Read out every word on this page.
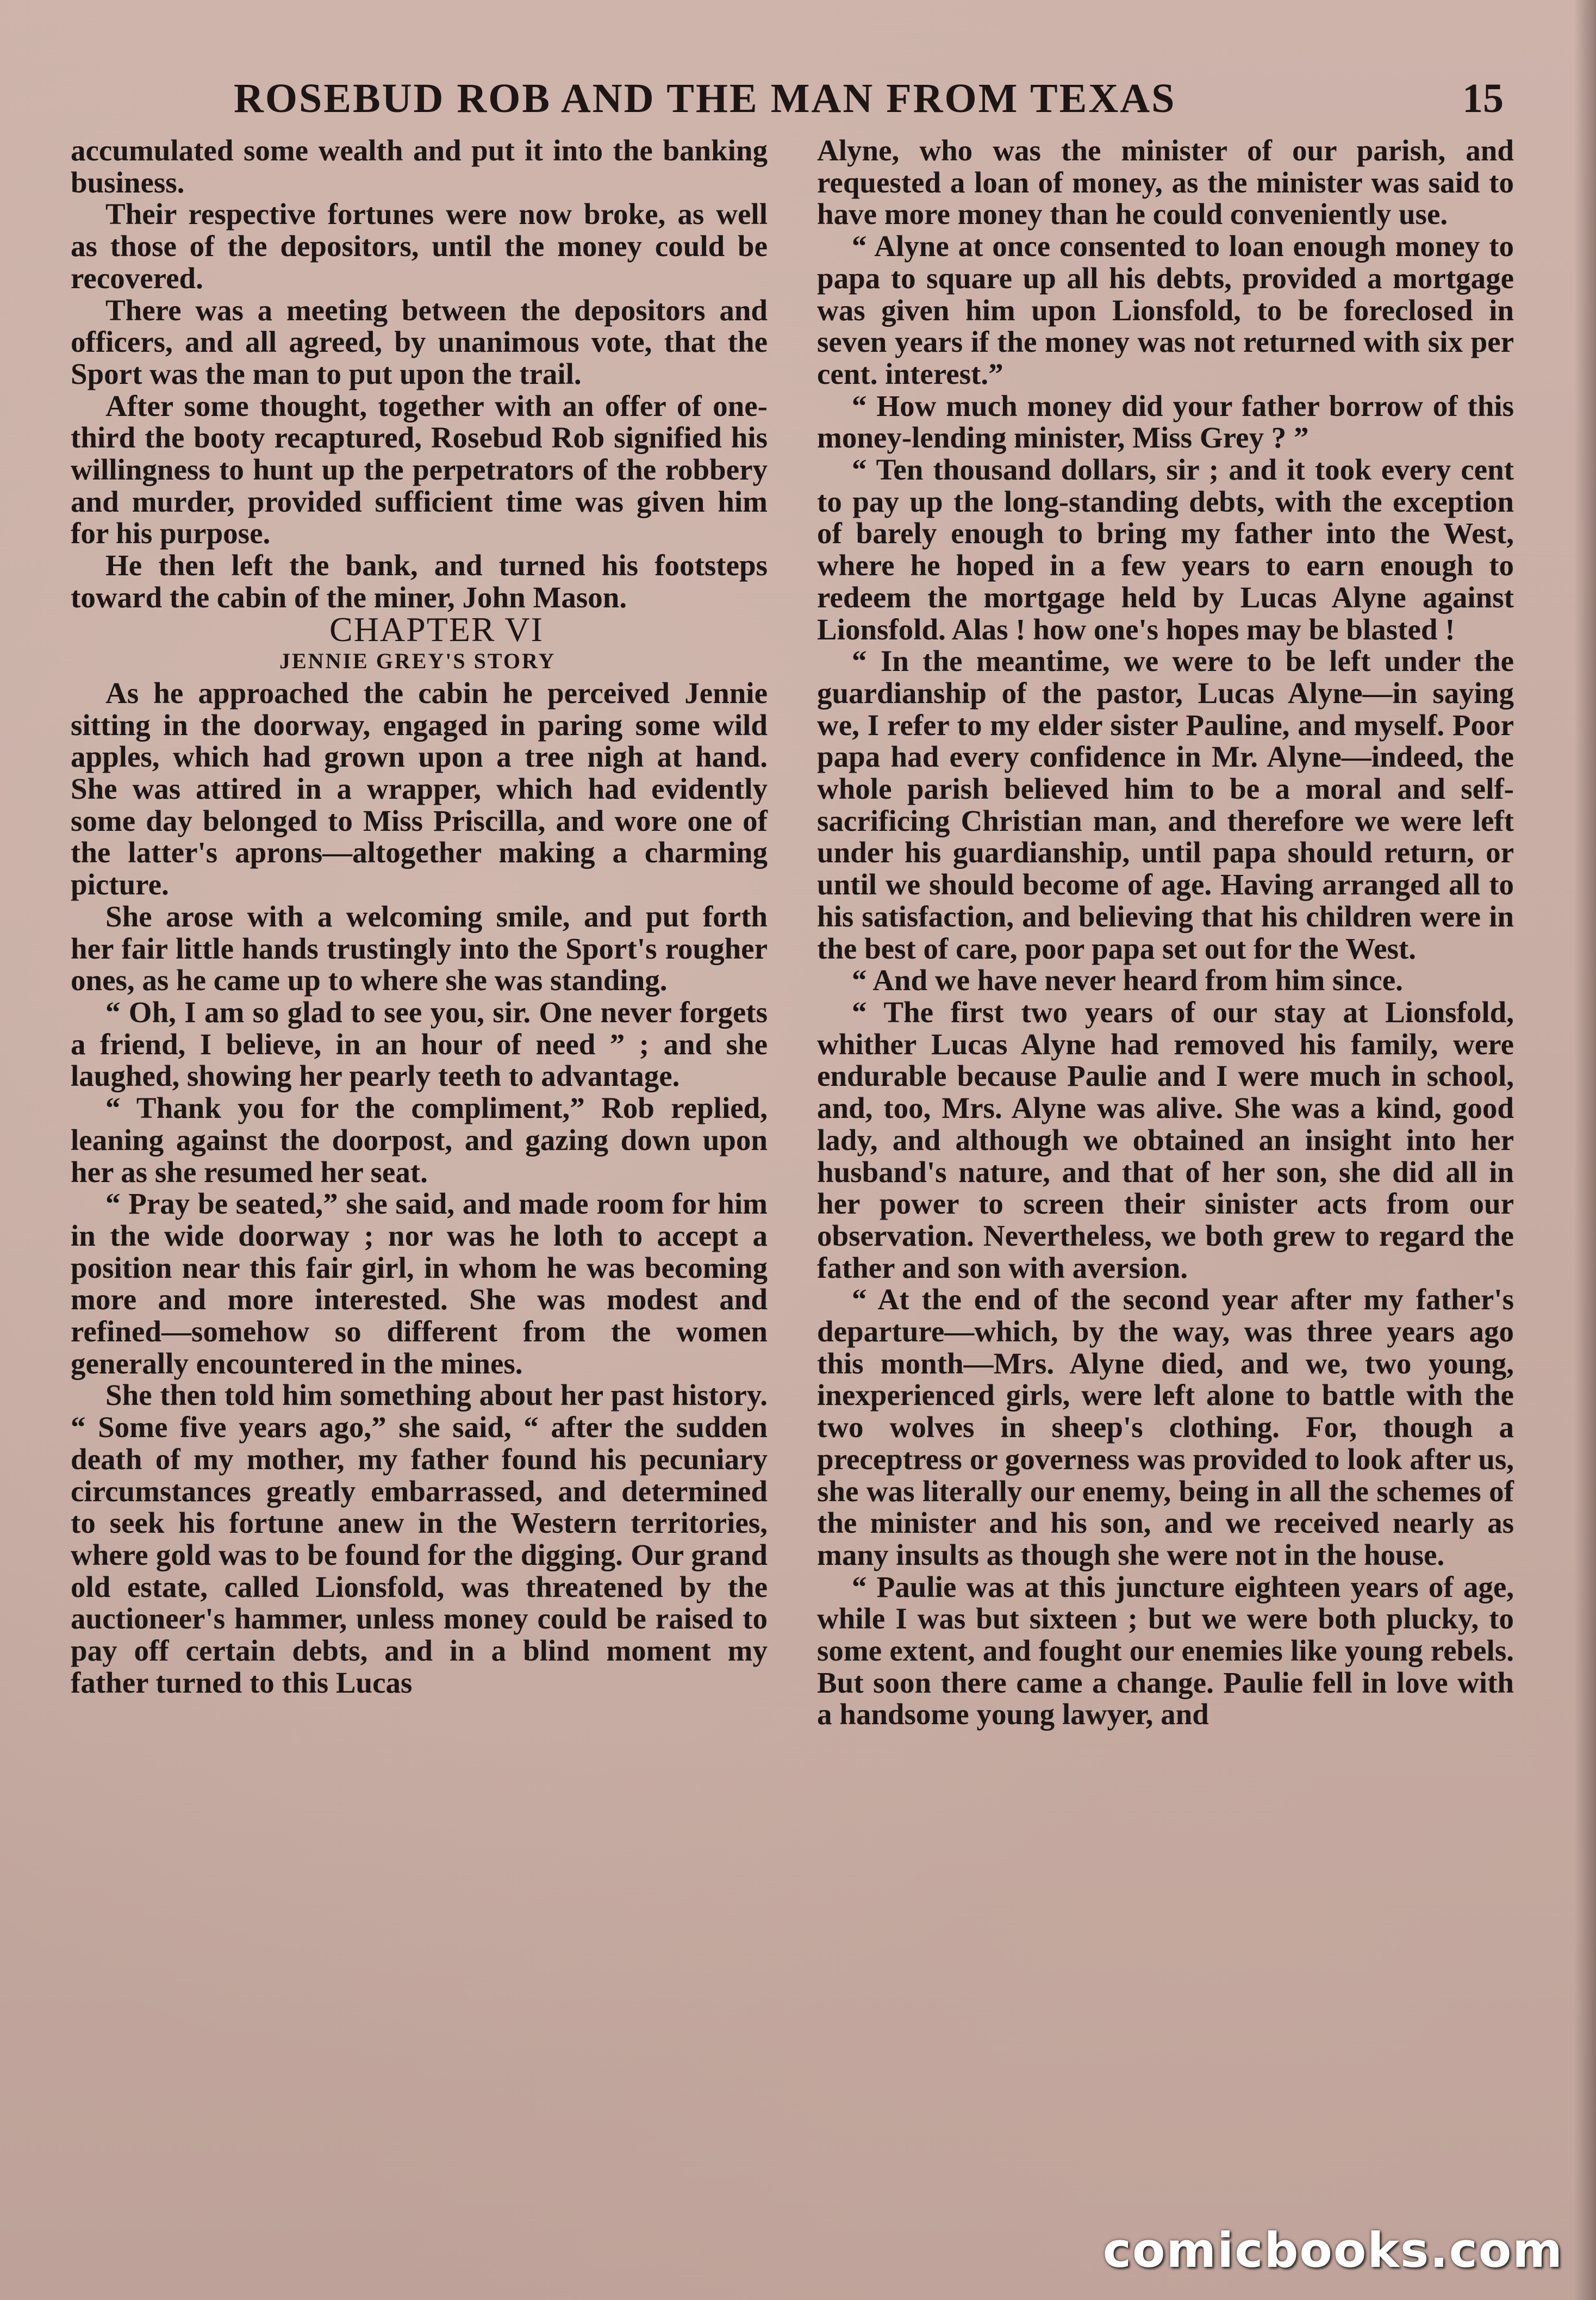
ROSEBUD ROB AND THE MAN FROM TEXAS	15

accumulated some wealth and put it into the banking business.

Their respective fortunes were now broke, as well as those of the depositors, until the money could be recovered.

There was a meeting between the depositors and officers, and all agreed, by unanimous vote, that the Sport was the man to put upon the trail.

After some thought, together with an offer of one-third the booty recaptured, Rosebud Rob signified his willingness to hunt up the perpetrators of the robbery and murder, provided sufficient time was given him for his purpose.

He then left the bank, and turned his footsteps toward the cabin of the miner, John Mason.

CHAPTER VI

JENNIE GREY'S STORY

As he approached the cabin he perceived Jennie sitting in the doorway, engaged in paring some wild apples, which had grown upon a tree nigh at hand. She was attired in a wrapper, which had evidently some day belonged to Miss Priscilla, and wore one of the latter's aprons—altogether making a charming picture.

She arose with a welcoming smile, and put forth her fair little hands trustingly into the Sport's rougher ones, as he came up to where she was standing.

“ Oh, I am so glad to see you, sir. One never forgets a friend, I believe, in an hour of need ” ; and she laughed, showing her pearly teeth to advantage.

“ Thank you for the compliment,” Rob replied, leaning against the doorpost, and gazing down upon her as she resumed her seat.

“ Pray be seated,” she said, and made room for him in the wide doorway ; nor was he loth to accept a position near this fair girl, in whom he was becoming more and more interested. She was modest and refined—somehow so different from the women generally encountered in the mines.

She then told him something about her past history. “ Some five years ago,” she said, “ after the sudden death of my mother, my father found his pecuniary circumstances greatly embarrassed, and determined to seek his fortune anew in the Western territories, where gold was to be found for the digging. Our grand old estate, called Lionsfold, was threatened by the auctioneer's hammer, unless money could be raised to pay off certain debts, and in a blind moment my father turned to this Lucas

Alyne, who was the minister of our parish, and requested a loan of money, as the minister was said to have more money than he could conveniently use.

“ Alyne at once consented to loan enough money to papa to square up all his debts, provided a mortgage was given him upon Lionsfold, to be foreclosed in seven years if the money was not returned with six per cent. interest.”

“ How much money did your father borrow of this money-lending minister, Miss Grey ? ”

“ Ten thousand dollars, sir ; and it took every cent to pay up the long-standing debts, with the exception of barely enough to bring my father into the West, where he hoped in a few years to earn enough to redeem the mortgage held by Lucas Alyne against Lionsfold. Alas ! how one's hopes may be blasted !

“ In the meantime, we were to be left under the guardianship of the pastor, Lucas Alyne—in saying we, I refer to my elder sister Pauline, and myself. Poor papa had every confidence in Mr. Alyne—indeed, the whole parish believed him to be a moral and self-sacrificing Christian man, and therefore we were left under his guardianship, until papa should return, or until we should become of age. Having arranged all to his satisfaction, and believing that his children were in the best of care, poor papa set out for the West.

“ And we have never heard from him since.

“ The first two years of our stay at Lionsfold, whither Lucas Alyne had removed his family, were endurable because Paulie and I were much in school, and, too, Mrs. Alyne was alive. She was a kind, good lady, and although we obtained an insight into her husband's nature, and that of her son, she did all in her power to screen their sinister acts from our observation. Nevertheless, we both grew to regard the father and son with aversion.

“ At the end of the second year after my father's departure—which, by the way, was three years ago this month—Mrs. Alyne died, and we, two young, inexperienced girls, were left alone to battle with the two wolves in sheep's clothing. For, though a preceptress or governess was provided to look after us, she was literally our enemy, being in all the schemes of the minister and his son, and we received nearly as many insults as though she were not in the house.

“ Paulie was at this juncture eighteen years of age, while I was but sixteen ; but we were both plucky, to some extent, and fought our enemies like young rebels. But soon there came a change. Paulie fell in love with a handsome young lawyer, and

comicbooks.com
